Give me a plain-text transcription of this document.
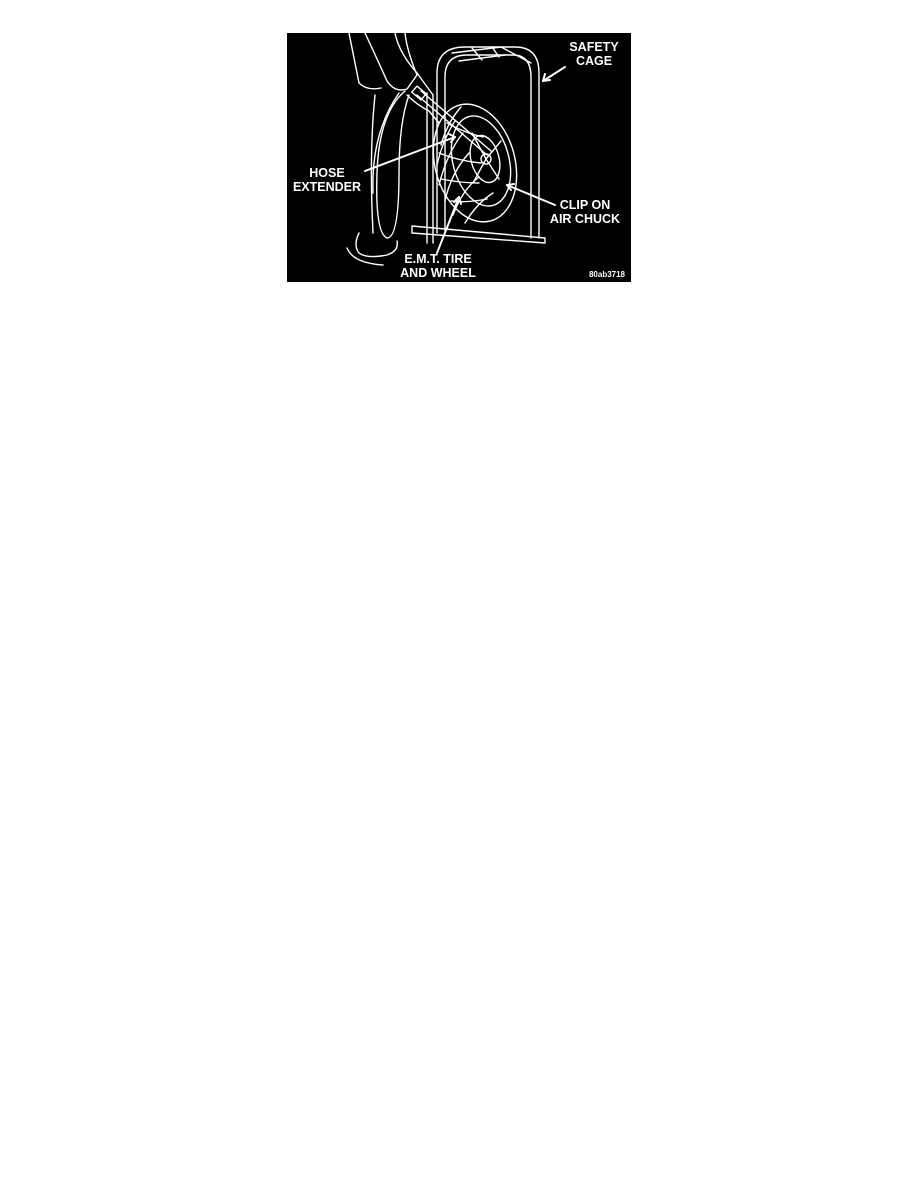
SAFETY
CAGE
HOSE
EXTENDER
CLIP ON
AIR CHUCK
E.M.T. TIRE
AND WHEEL	80ab3718
